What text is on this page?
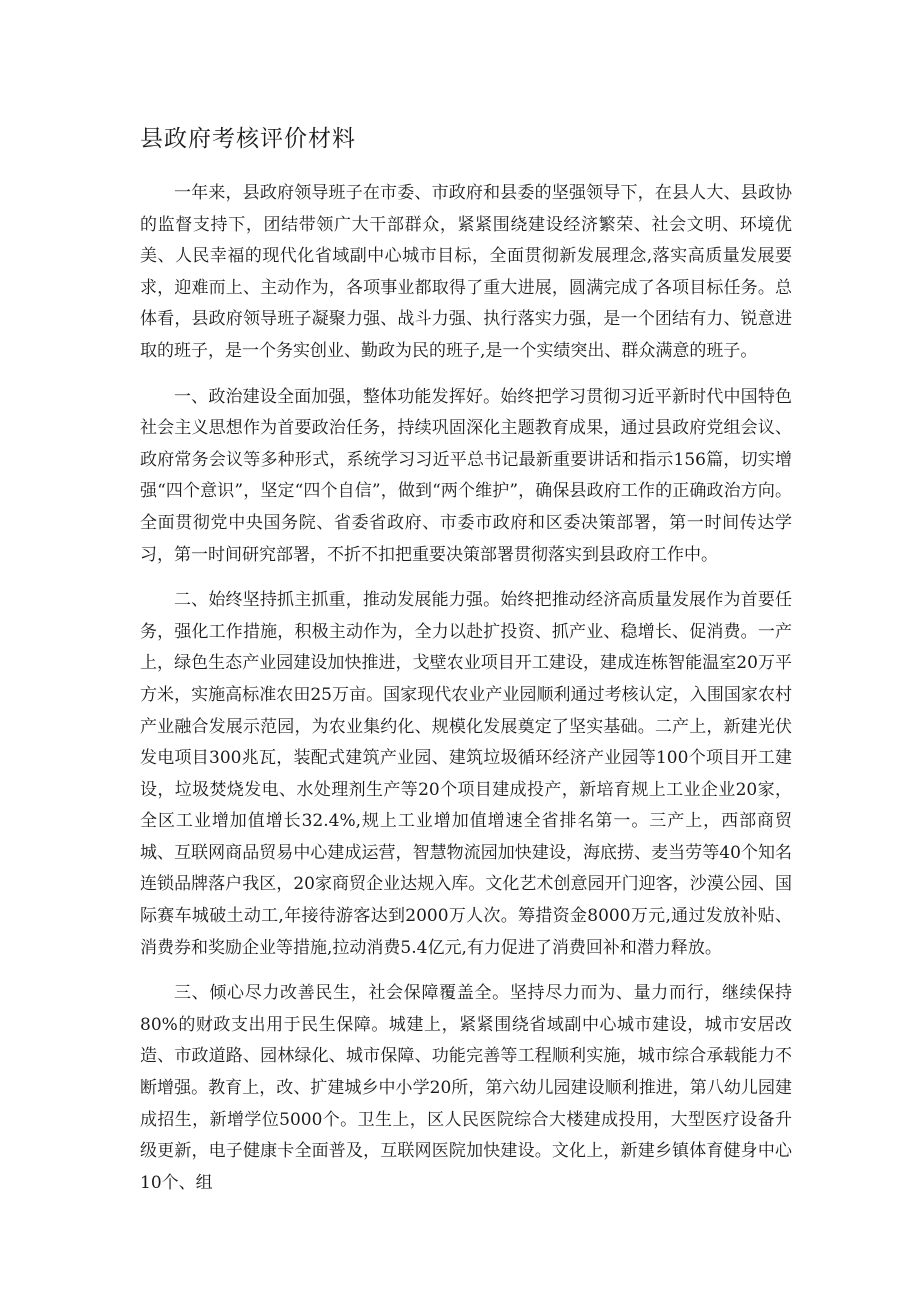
县政府考核评价材料

一年来，县政府领导班子在市委、市政府和县委的坚强领导下，在县人大、县政协的监督支持下，团结带领广大干部群众，紧紧围绕建设经济繁荣、社会文明、环境优美、人民幸福的现代化省域副中心城市目标，全面贯彻新发展理念,落实高质量发展要求，迎难而上、主动作为，各项事业都取得了重大进展，圆满完成了各项目标任务。总体看，县政府领导班子凝聚力强、战斗力强、执行落实力强，是一个团结有力、锐意进取的班子，是一个务实创业、勤政为民的班子,是一个实绩突出、群众满意的班子。

一、政治建设全面加强，整体功能发挥好。始终把学习贯彻习近平新时代中国特色社会主义思想作为首要政治任务，持续巩固深化主题教育成果，通过县政府党组会议、政府常务会议等多种形式，系统学习习近平总书记最新重要讲话和指示156篇，切实增强“四个意识”，坚定“四个自信”，做到“两个维护”，确保县政府工作的正确政治方向。全面贯彻党中央国务院、省委省政府、市委市政府和区委决策部署，第一时间传达学习，第一时间研究部署，不折不扣把重要决策部署贯彻落实到县政府工作中。

二、始终坚持抓主抓重，推动发展能力强。始终把推动经济高质量发展作为首要任务，强化工作措施，积极主动作为，全力以赴扩投资、抓产业、稳增长、促消费。一产上，绿色生态产业园建设加快推进，戈壁农业项目开工建设，建成连栋智能温室20万平方米，实施高标准农田25万亩。国家现代农业产业园顺利通过考核认定，入围国家农村产业融合发展示范园，为农业集约化、规模化发展奠定了坚实基础。二产上，新建光伏发电项目300兆瓦，装配式建筑产业园、建筑垃圾循环经济产业园等100个项目开工建设，垃圾焚烧发电、水处理剂生产等20个项目建成投产，新培育规上工业企业20家，全区工业增加值增长32.4%,规上工业增加值增速全省排名第一。三产上，西部商贸城、互联网商品贸易中心建成运营，智慧物流园加快建设，海底捞、麦当劳等40个知名连锁品牌落户我区，20家商贸企业达规入库。文化艺术创意园开门迎客，沙漠公园、国际赛车城破土动工,年接待游客达到2000万人次。筹措资金8000万元,通过发放补贴、消费券和奖励企业等措施,拉动消费5.4亿元,有力促进了消费回补和潜力释放。

三、倾心尽力改善民生，社会保障覆盖全。坚持尽力而为、量力而行，继续保持80%的财政支出用于民生保障。城建上，紧紧围绕省域副中心城市建设，城市安居改造、市政道路、园林绿化、城市保障、功能完善等工程顺利实施，城市综合承载能力不断增强。教育上，改、扩建城乡中小学20所，第六幼儿园建设顺利推进，第八幼儿园建成招生，新增学位5000个。卫生上，区人民医院综合大楼建成投用，大型医疗设备升级更新，电子健康卡全面普及，互联网医院加快建设。文化上，新建乡镇体育健身中心10个、组
